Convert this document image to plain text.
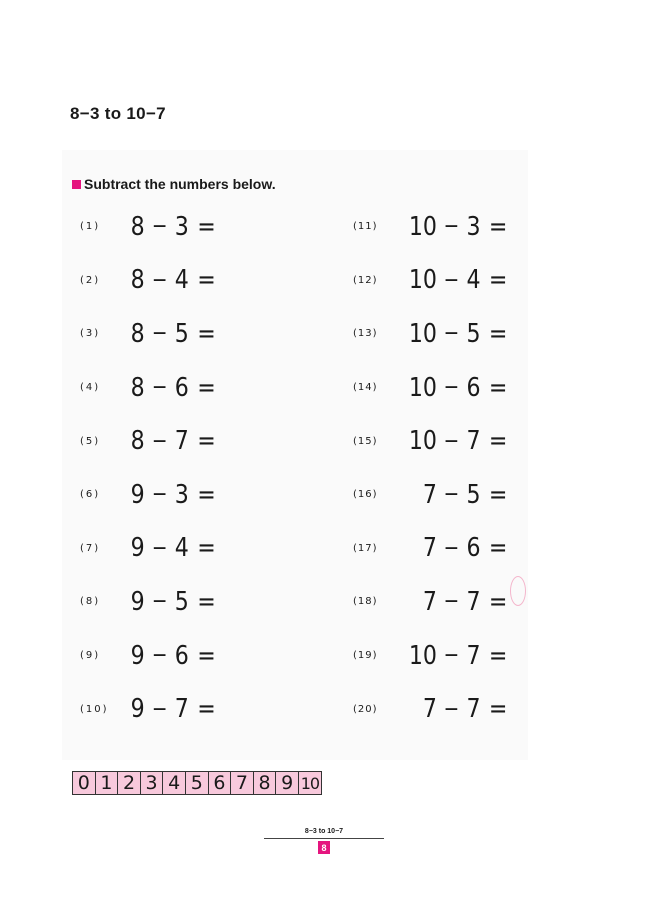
8−3 to 10−7
Subtract the numbers below.
(1)	8 − 3 =
(2)	8 − 4 =
(3)	8 − 5 =
(4)	8 − 6 =
(5)	8 − 7 =
(6)	9 − 3 =
(7)	9 − 4 =
(8)	9 − 5 =
(9)	9 − 6 =
(10) 9 − 7 =
(11)	10 − 3 =
(12)	10 − 4 =
(13)	10 − 5 =
(14)	10 − 6 =
(15)	10 − 7 =
(16)	7 − 5 =
(17)	7 − 6 =
(18)	7 − 7 =
(19)	10 − 7 =
(20)	7 − 7 =
0 1 2 3 4 5 6 7 8 9 10
8−3 to 10−7
8
